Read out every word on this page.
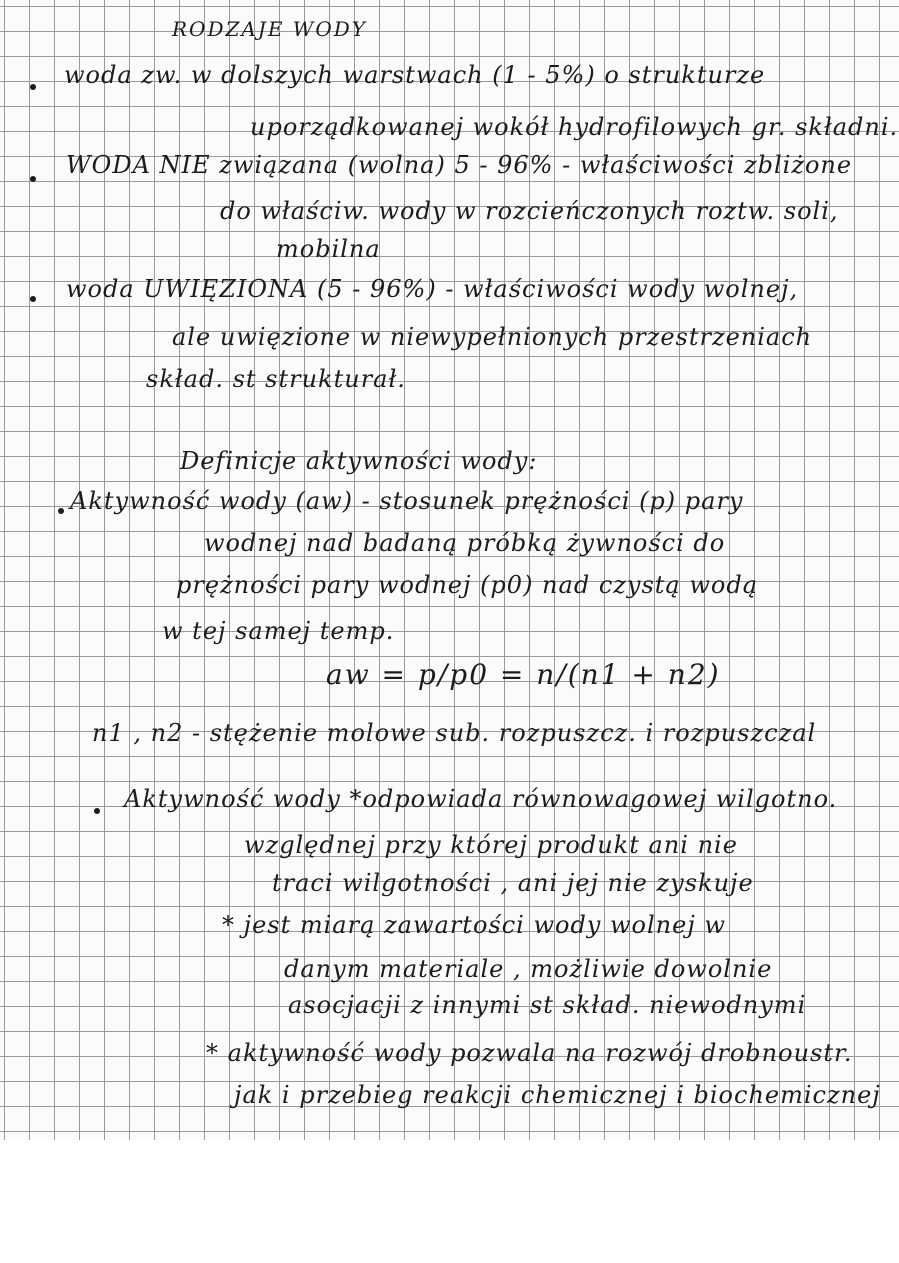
RODZAJE WODY
woda zw. w dolszych warstwach (1 - 5%) o strukturze
uporządkowanej wokół hydrofilowych gr. składni.
WODA NIE związana (wolna) 5 - 96% - właściwości zbliżone
do właściw. wody w rozcieńczonych roztw. soli,
mobilna
woda UWIĘZIONA (5 - 96%) - właściwości wody wolnej,
ale uwięzione w niewypełnionych przestrzeniach
skład. st strukturał.
Definicje aktywności wody:
Aktywność wody (aw) - stosunek prężności (p) pary
wodnej nad badaną próbką żywności do
prężności pary wodnej (p0) nad czystą wodą
w tej samej temp.
aw = p/p0 = n/(n1 + n2)
n1 , n2 - stężenie molowe sub. rozpuszcz. i rozpuszczal
Aktywność wody *odpowiada równowagowej wilgotno.
względnej przy której produkt ani nie
traci wilgotności , ani jej nie zyskuje
* jest miarą zawartości wody wolnej w
danym materiale , możliwie dowolnie
asocjacji z innymi st skład. niewodnymi
* aktywność wody pozwala na rozwój drobnoustr.
jak i przebieg reakcji chemicznej i biochemicznej
